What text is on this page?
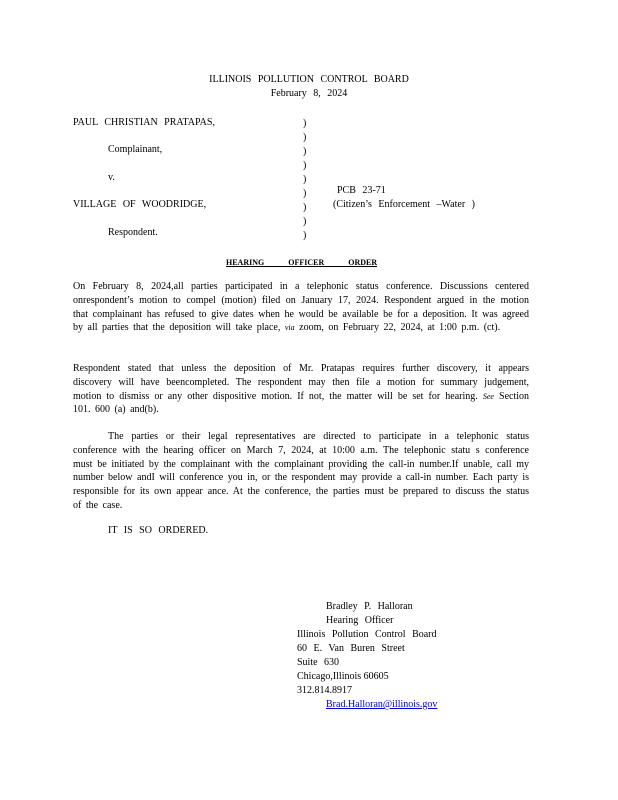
ILLINOIS POLLUTION CONTROL BOARD
February 8, 2024
PAUL CHRISTIAN PRATAPAS,
Complainant,
v.
VILLAGE OF WOODRIDGE,
Respondent.
)
)
)
)
)
)
)
)
)
PCB 23-71
(Citizen’s Enforcement –Water )
HEARING OFFICER ORDER
On February 8, 2024,all parties participated in a telephonic status conference. Discussions centered onrespondent’s motion to compel (motion) filed on January 17, 2024. Respondent argued in the motion that complainant has refused to give dates when he would be available be for a deposition. It was agreed by all parties that the deposition will take place, via zoom, on February 22, 2024, at 1:00 p.m. (ct).
Respondent stated that unless the deposition of Mr. Pratapas requires further discovery, it appears discovery will have beencompleted. The respondent may then file a motion for summary judgement, motion to dismiss or any other dispositive motion. If not, the matter will be set for hearing. See Section 101. 600 (a) and(b).
The parties or their legal representatives are directed to participate in a telephonic status conference with the hearing officer on March 7, 2024, at 10:00 a.m. The telephonic statu s conference must be initiated by the complainant with the complainant providing the call-in number.If unable, call my number below andI will conference you in, or the respondent may provide a call-in number. Each party is responsible for its own appear ance. At the conference, the parties must be prepared to discuss the status of the case.
IT IS SO ORDERED.
Bradley P. Halloran
Hearing Officer
Illinois Pollution Control Board
60 E. Van Buren Street
Suite 630
Chicago,Illinois 60605
312.814.8917
Brad.Halloran@illinois.gov
